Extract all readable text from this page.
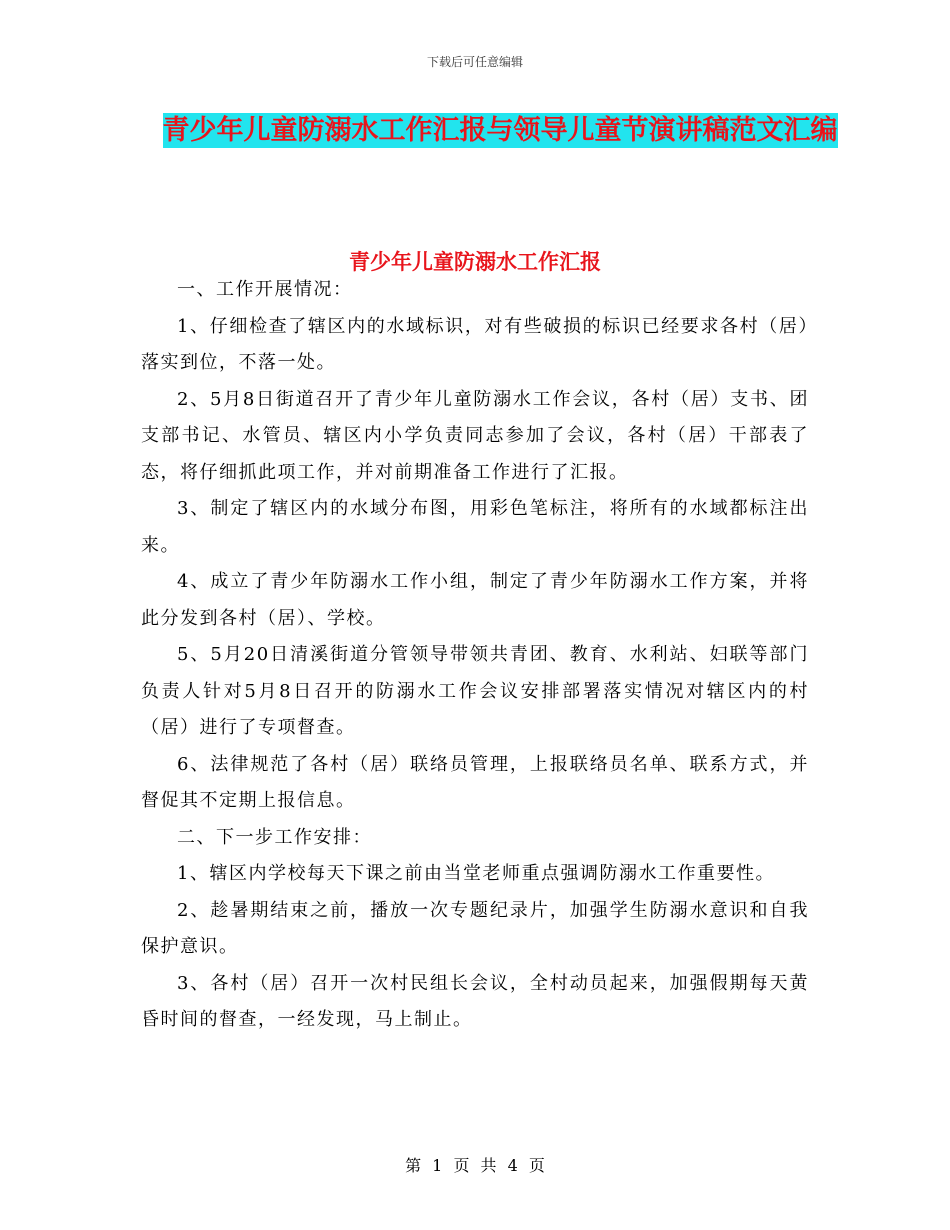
下载后可任意编辑
青少年儿童防溺水工作汇报与领导儿童节演讲稿范文汇编
青少年儿童防溺水工作汇报

一、工作开展情况：

1、仔细检查了辖区内的水域标识，对有些破损的标识已经要求各村（居）落实到位，不落一处。

2、5月8日街道召开了青少年儿童防溺水工作会议，各村（居）支书、团支部书记、水管员、辖区内小学负责同志参加了会议，各村（居）干部表了态，将仔细抓此项工作，并对前期准备工作进行了汇报。

3、制定了辖区内的水域分布图，用彩色笔标注，将所有的水域都标注出来。

4、成立了青少年防溺水工作小组，制定了青少年防溺水工作方案，并将此分发到各村（居）、学校。

5、5月20日清溪街道分管领导带领共青团、教育、水利站、妇联等部门负责人针对5月8日召开的防溺水工作会议安排部署落实情况对辖区内的村（居）进行了专项督查。

6、法律规范了各村（居）联络员管理，上报联络员名单、联系方式，并督促其不定期上报信息。

二、下一步工作安排：

1、辖区内学校每天下课之前由当堂老师重点强调防溺水工作重要性。

2、趁暑期结束之前，播放一次专题纪录片，加强学生防溺水意识和自我保护意识。

3、各村（居）召开一次村民组长会议，全村动员起来，加强假期每天黄昏时间的督查，一经发现，马上制止。

第 1 页 共 4 页
